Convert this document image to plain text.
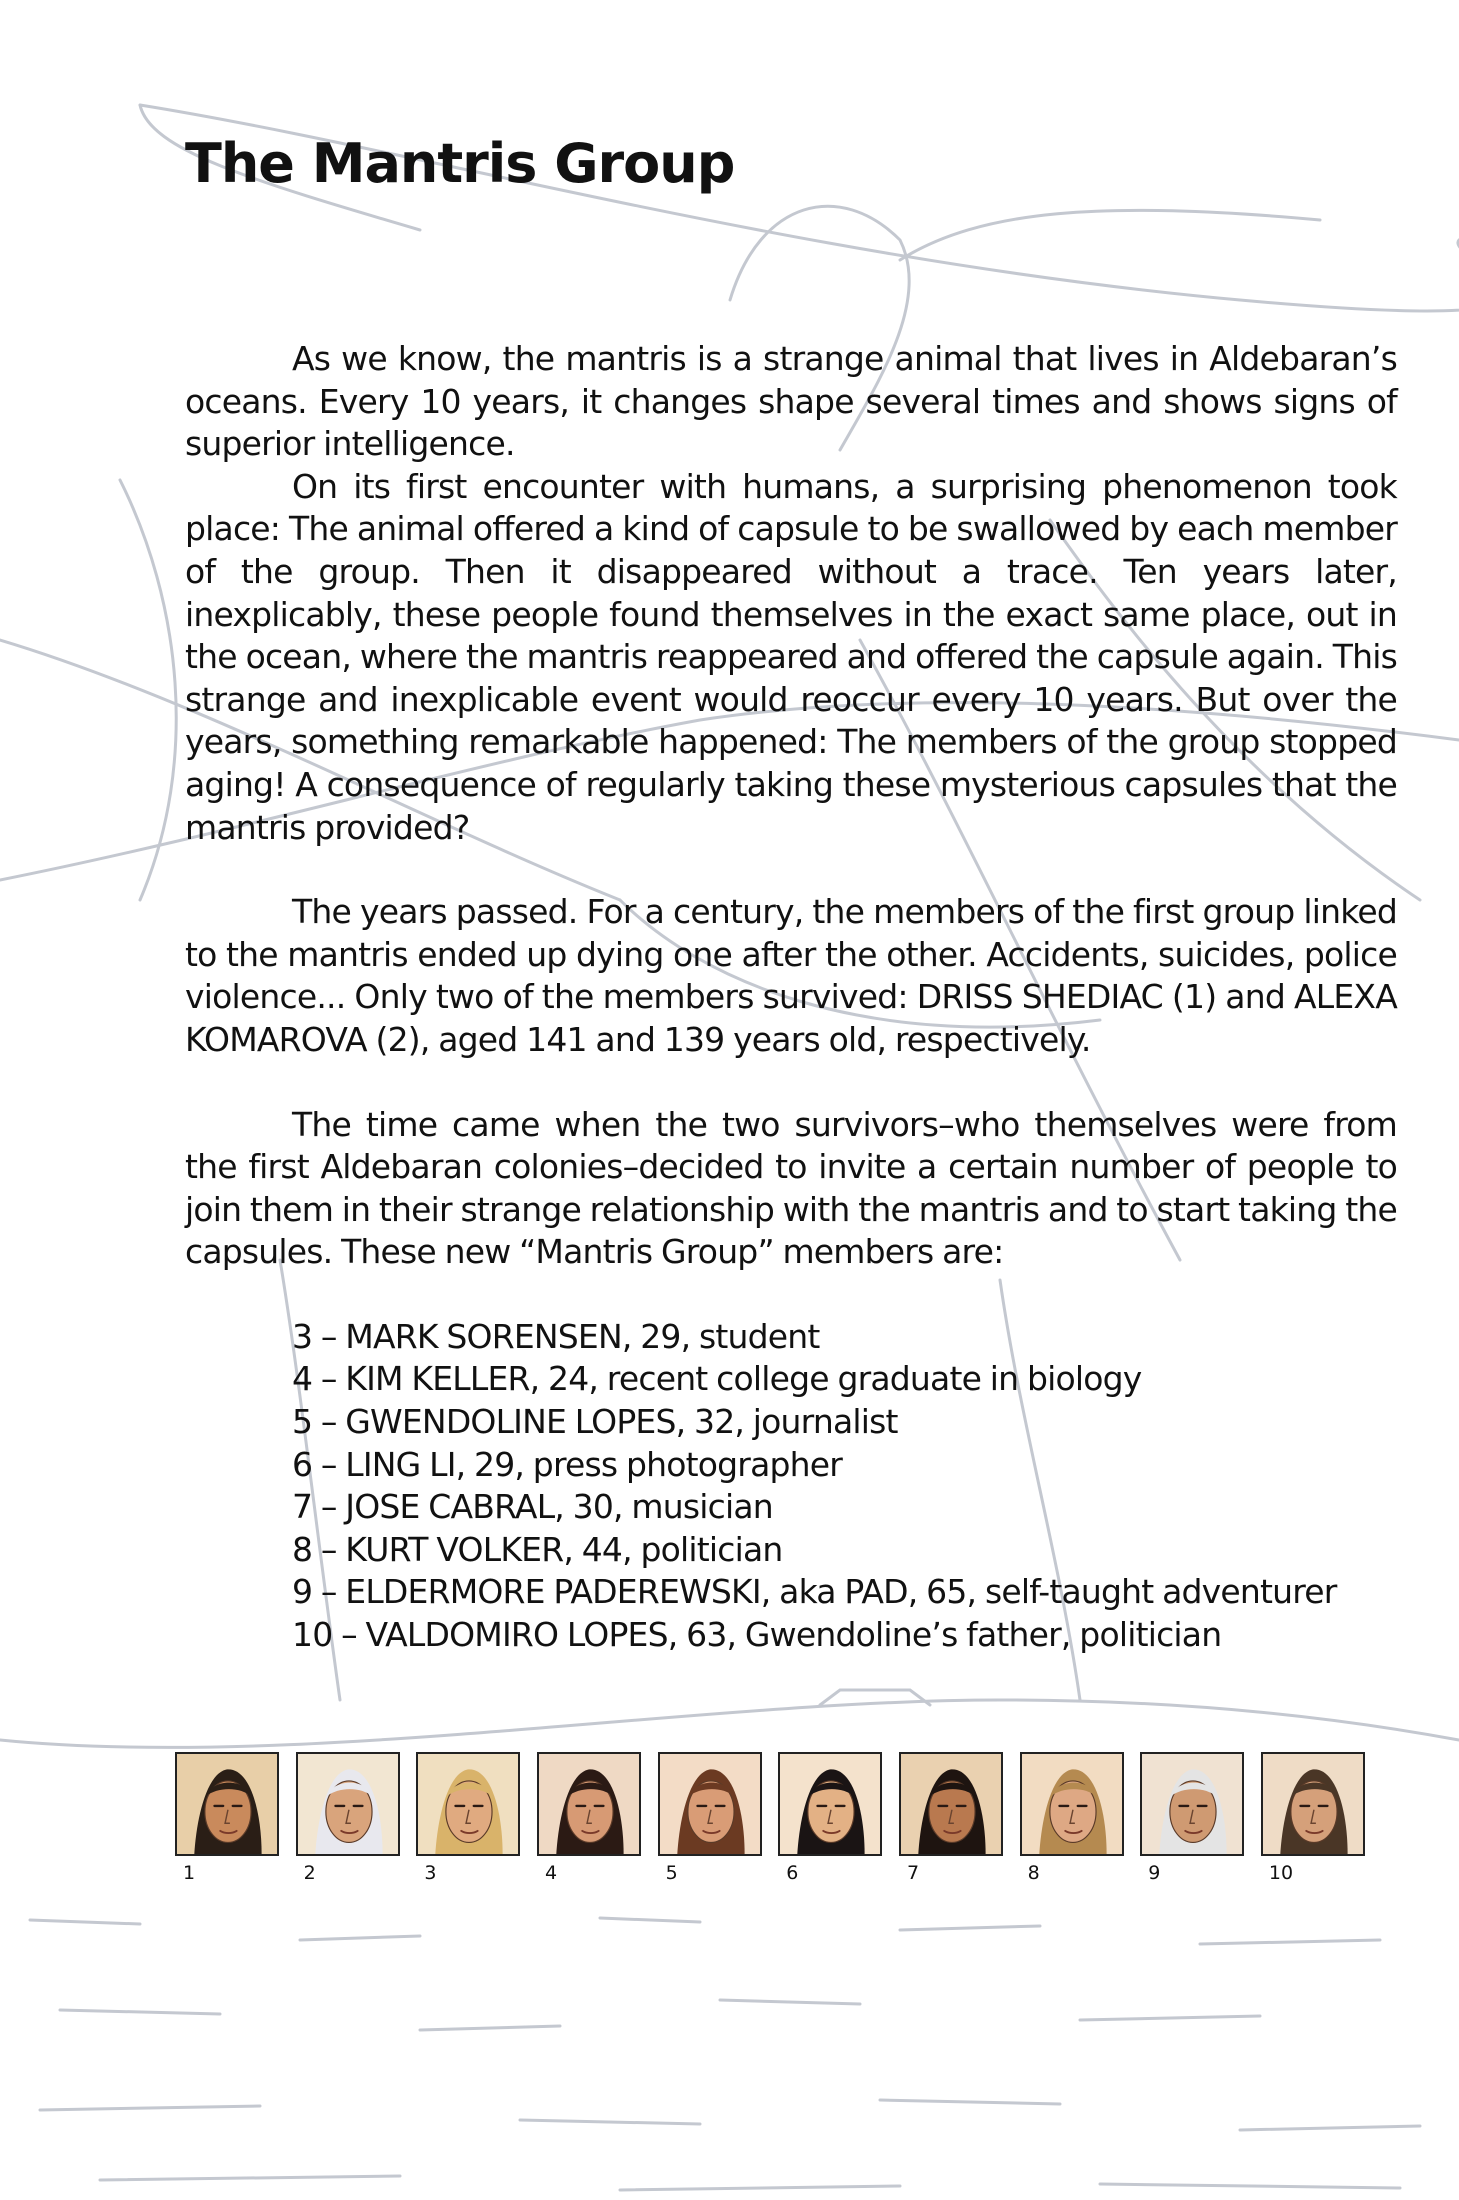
The Mantris Group

As we know, the mantris is a strange animal that lives in Aldebaran’s oceans. Every 10 years, it changes shape several times and shows signs of superior intelligence.

On its first encounter with humans, a surprising phenomenon took place: The animal offered a kind of capsule to be swallowed by each member of the group. Then it disappeared without a trace. Ten years later, inexplicably, these people found themselves in the exact same place, out in the ocean, where the mantris reappeared and offered the capsule again. This strange and inexplicable event would reoccur every 10 years. But over the years, something remarkable happened: The members of the group stopped aging! A consequence of regularly taking these mysterious capsules that the mantris provided?

The years passed. For a century, the members of the first group linked to the mantris ended up dying one after the other. Accidents, suicides, police violence... Only two of the members survived: DRISS SHEDIAC (1) and ALEXA KOMAROVA (2), aged 141 and 139 years old, respectively.

The time came when the two survivors–who themselves were from the first Aldebaran colonies–decided to invite a certain number of people to join them in their strange relationship with the mantris and to start taking the capsules. These new “Mantris Group” members are:

3 – MARK SORENSEN, 29, student
4 – KIM KELLER, 24, recent college graduate in biology
5 – GWENDOLINE LOPES, 32, journalist
6 – LING LI, 29, press photographer
7 – JOSE CABRAL, 30, musician
8 – KURT VOLKER, 44, politician
9 – ELDERMORE PADEREWSKI, aka PAD, 65, self-taught adventurer
10 – VALDOMIRO LOPES, 63, Gwendoline’s father, politician
1	2	3	4	5	6	7	8	9	10
